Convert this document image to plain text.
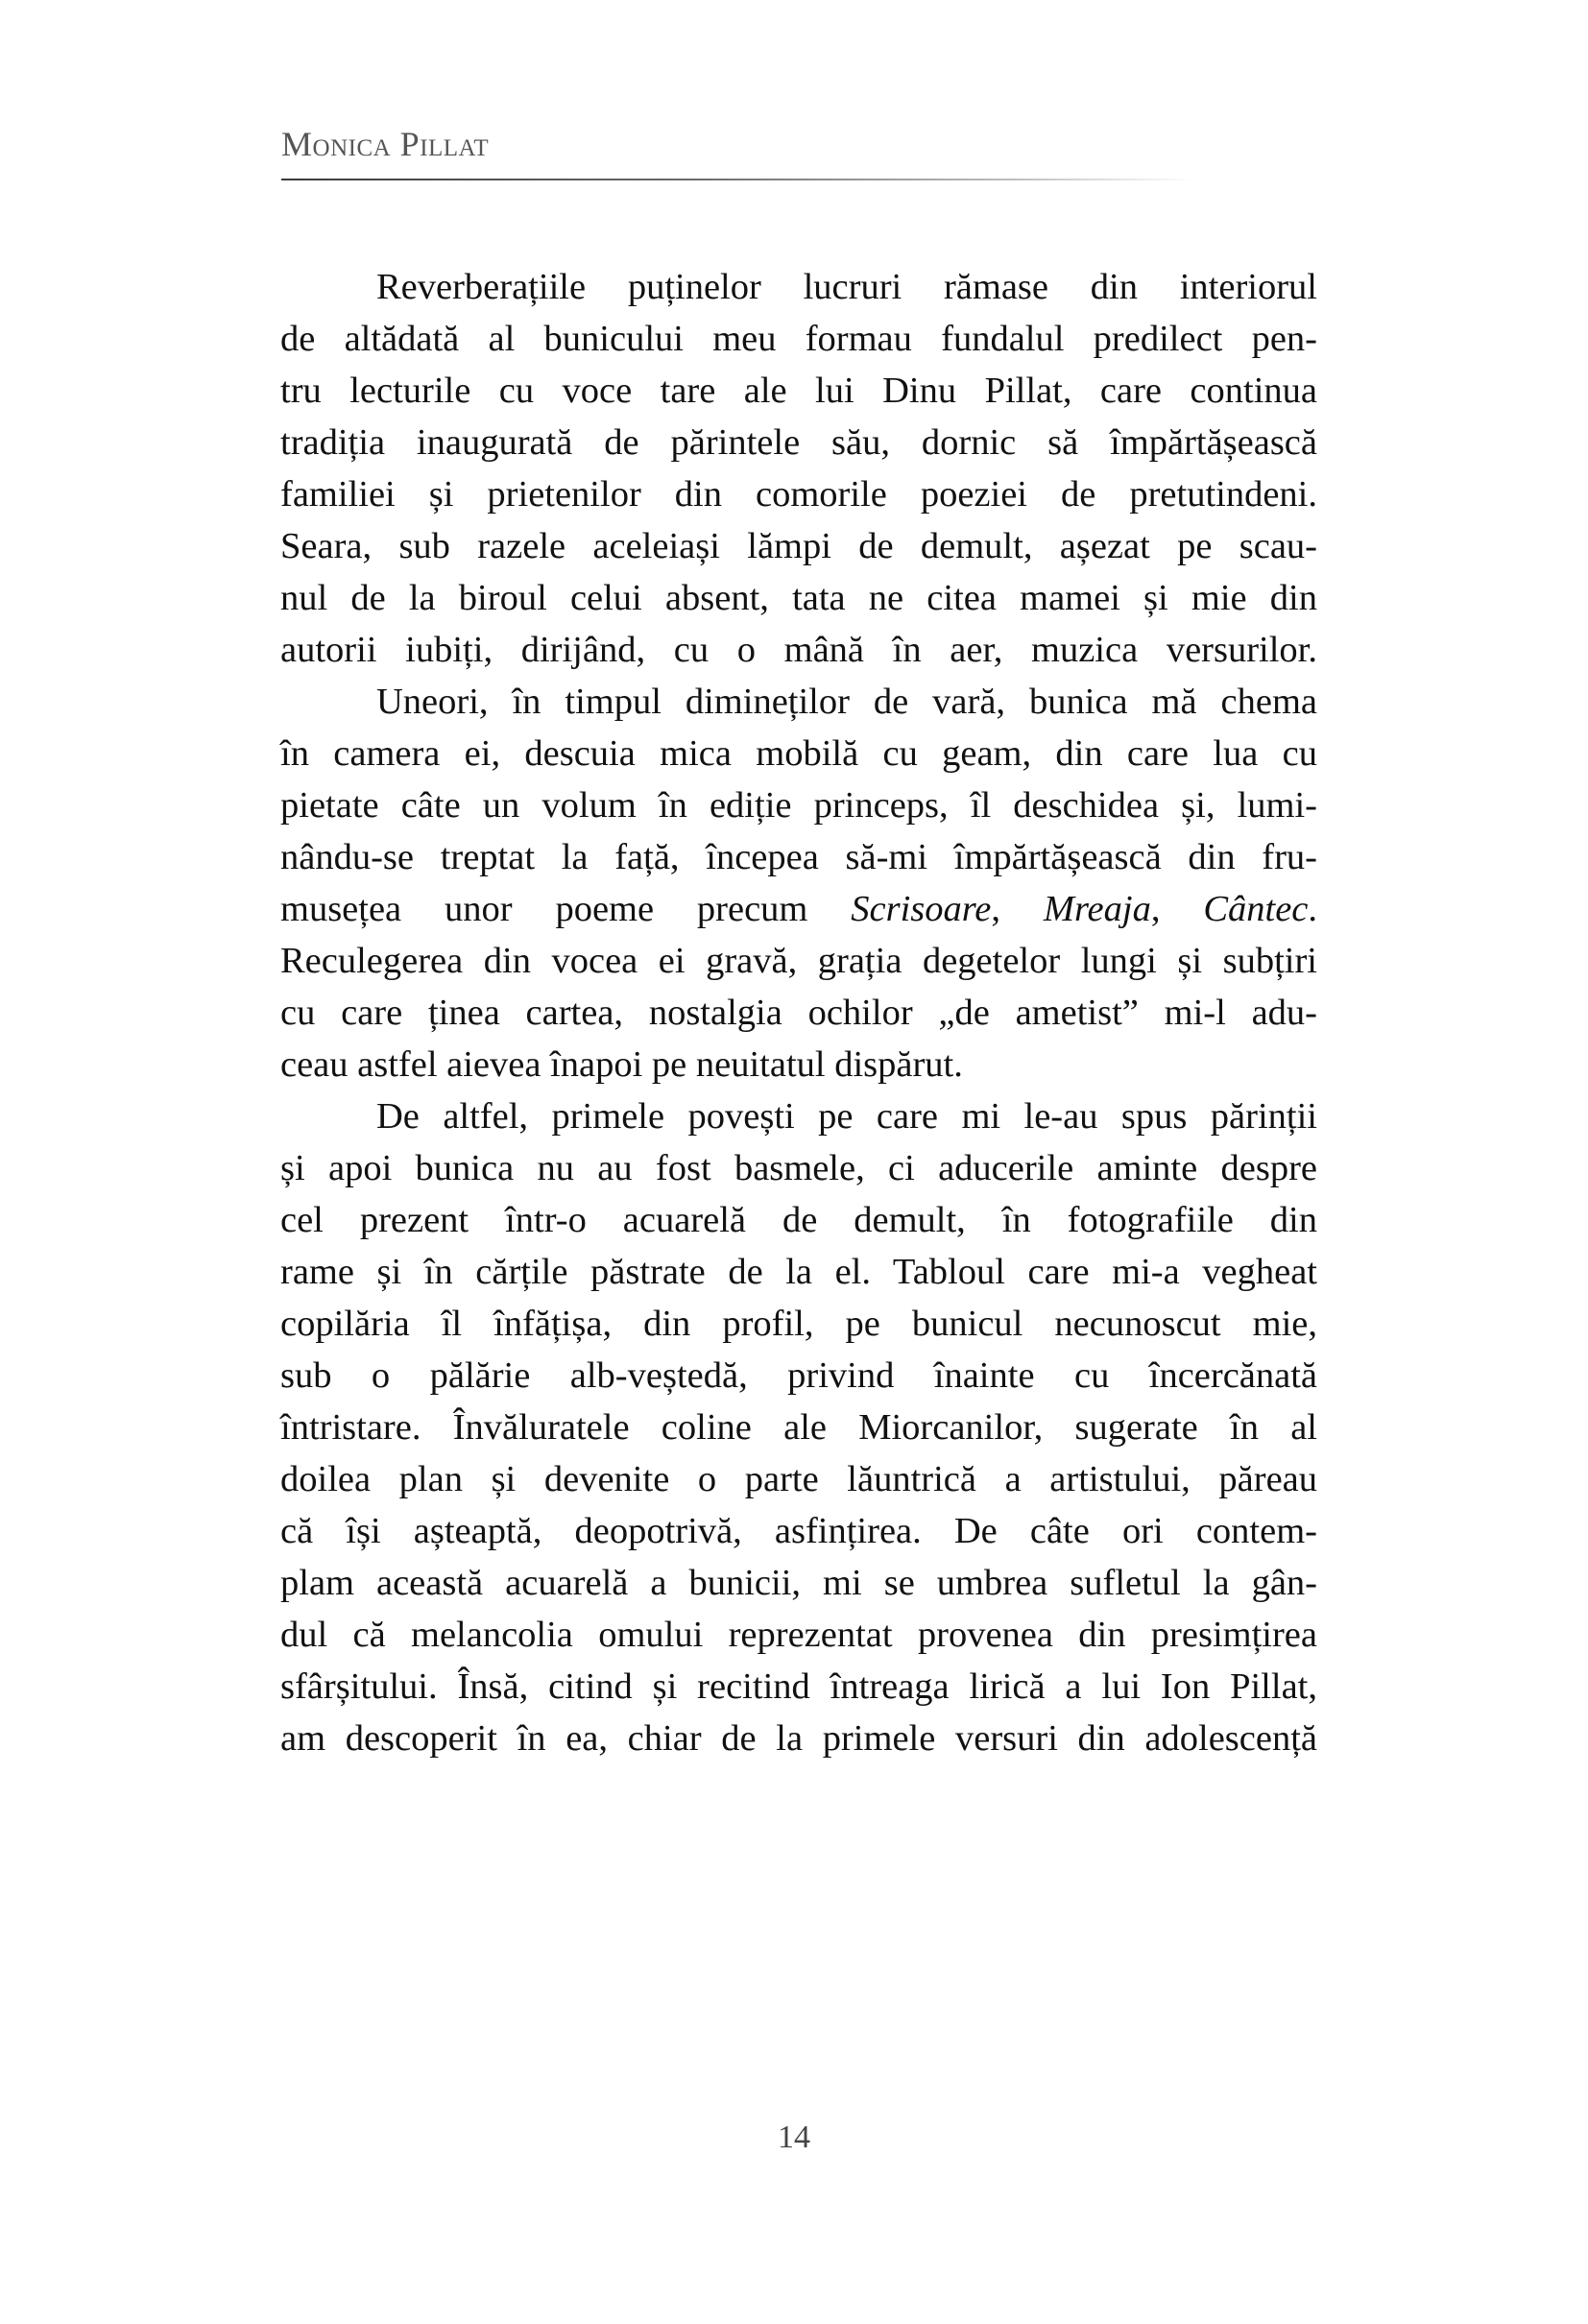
Monica Pillat
Reverberațiile puținelor lucruri rămase din interiorul
de altădată al bunicului meu formau fundalul predilect pen-
tru lecturile cu voce tare ale lui Dinu Pillat, care continua
tradiția inaugurată de părintele său, dornic să împărtășească
familiei și prietenilor din comorile poeziei de pretutindeni.
Seara, sub razele aceleiași lămpi de demult, așezat pe scau-
nul de la biroul celui absent, tata ne citea mamei și mie din
autorii iubiți, dirijând, cu o mână în aer, muzica versurilor.
Uneori, în timpul dimineților de vară, bunica mă chema
în camera ei, descuia mica mobilă cu geam, din care lua cu
pietate câte un volum în ediție princeps, îl deschidea și, lumi-
nându-se treptat la față, începea să-mi împărtășească din fru-
musețea unor poeme precum Scrisoare, Mreaja, Cântec.
Reculegerea din vocea ei gravă, grația degetelor lungi și subțiri
cu care ținea cartea, nostalgia ochilor „de ametist” mi-l adu-
ceau astfel aievea înapoi pe neuitatul dispărut.
De altfel, primele povești pe care mi le-au spus părinții
și apoi bunica nu au fost basmele, ci aducerile aminte despre
cel prezent într-o acuarelă de demult, în fotografiile din
rame și în cărțile păstrate de la el. Tabloul care mi-a vegheat
copilăria îl înfățișa, din profil, pe bunicul necunoscut mie,
sub o pălărie alb-veștedă, privind înainte cu încercănată
întristare. Învăluratele coline ale Miorcanilor, sugerate în al
doilea plan și devenite o parte lăuntrică a artistului, păreau
că își așteaptă, deopotrivă, asfințirea. De câte ori contem-
plam această acuarelă a bunicii, mi se umbrea sufletul la gân-
dul că melancolia omului reprezentat provenea din presimțirea
sfârșitului. Însă, citind și recitind întreaga lirică a lui Ion Pillat,
am descoperit în ea, chiar de la primele versuri din adolescență
14
